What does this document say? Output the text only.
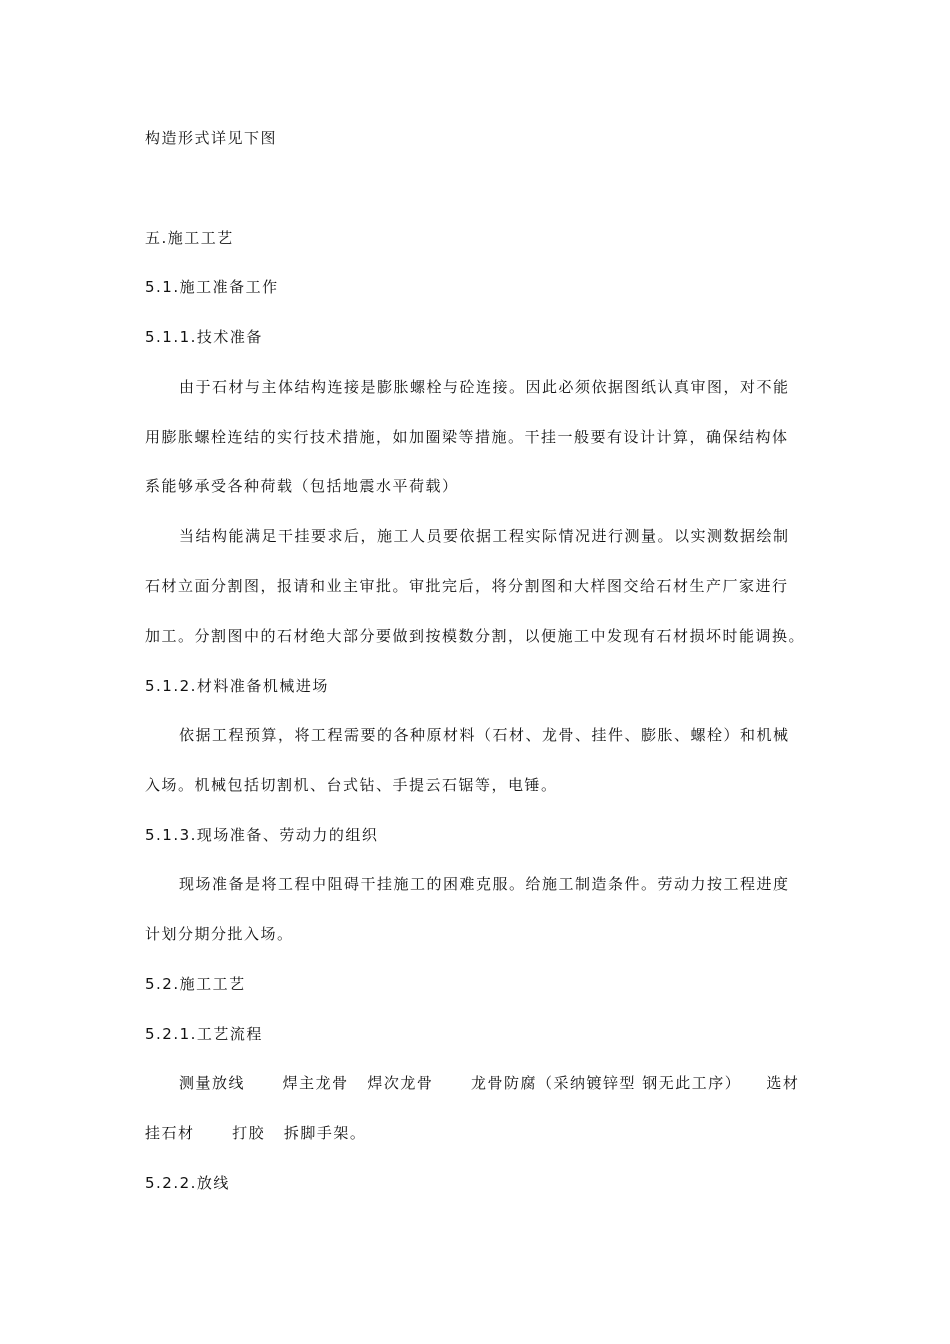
构造形式详见下图
五.施工工艺
5.1.施工准备工作
5.1.1.技术准备
由于石材与主体结构连接是膨胀螺栓与砼连接。因此必须依据图纸认真审图，对不能
用膨胀螺栓连结的实行技术措施，如加圈梁等措施。干挂一般要有设计计算，确保结构体
系能够承受各种荷载（包括地震水平荷载）
当结构能满足干挂要求后，施工人员要依据工程实际情况进行测量。以实测数据绘制
石材立面分割图，报请和业主审批。审批完后，将分割图和大样图交给石材生产厂家进行
加工。分割图中的石材绝大部分要做到按模数分割，以便施工中发现有石材损坏时能调换。
5.1.2.材料准备机械进场
依据工程预算，将工程需要的各种原材料（石材、龙骨、挂件、膨胀、螺栓）和机械
入场。机械包括切割机、台式钻、手提云石锯等，电锤。
5.1.3.现场准备、劳动力的组织
现场准备是将工程中阻碍干挂施工的困难克服。给施工制造条件。劳动力按工程进度
计划分期分批入场。
5.2.施工工艺
5.2.1.工艺流程
测量放线      焊主龙骨   焊次龙骨      龙骨防腐（采纳镀锌型 钢无此工序）    选材
挂石材      打胶   拆脚手架。
5.2.2.放线
